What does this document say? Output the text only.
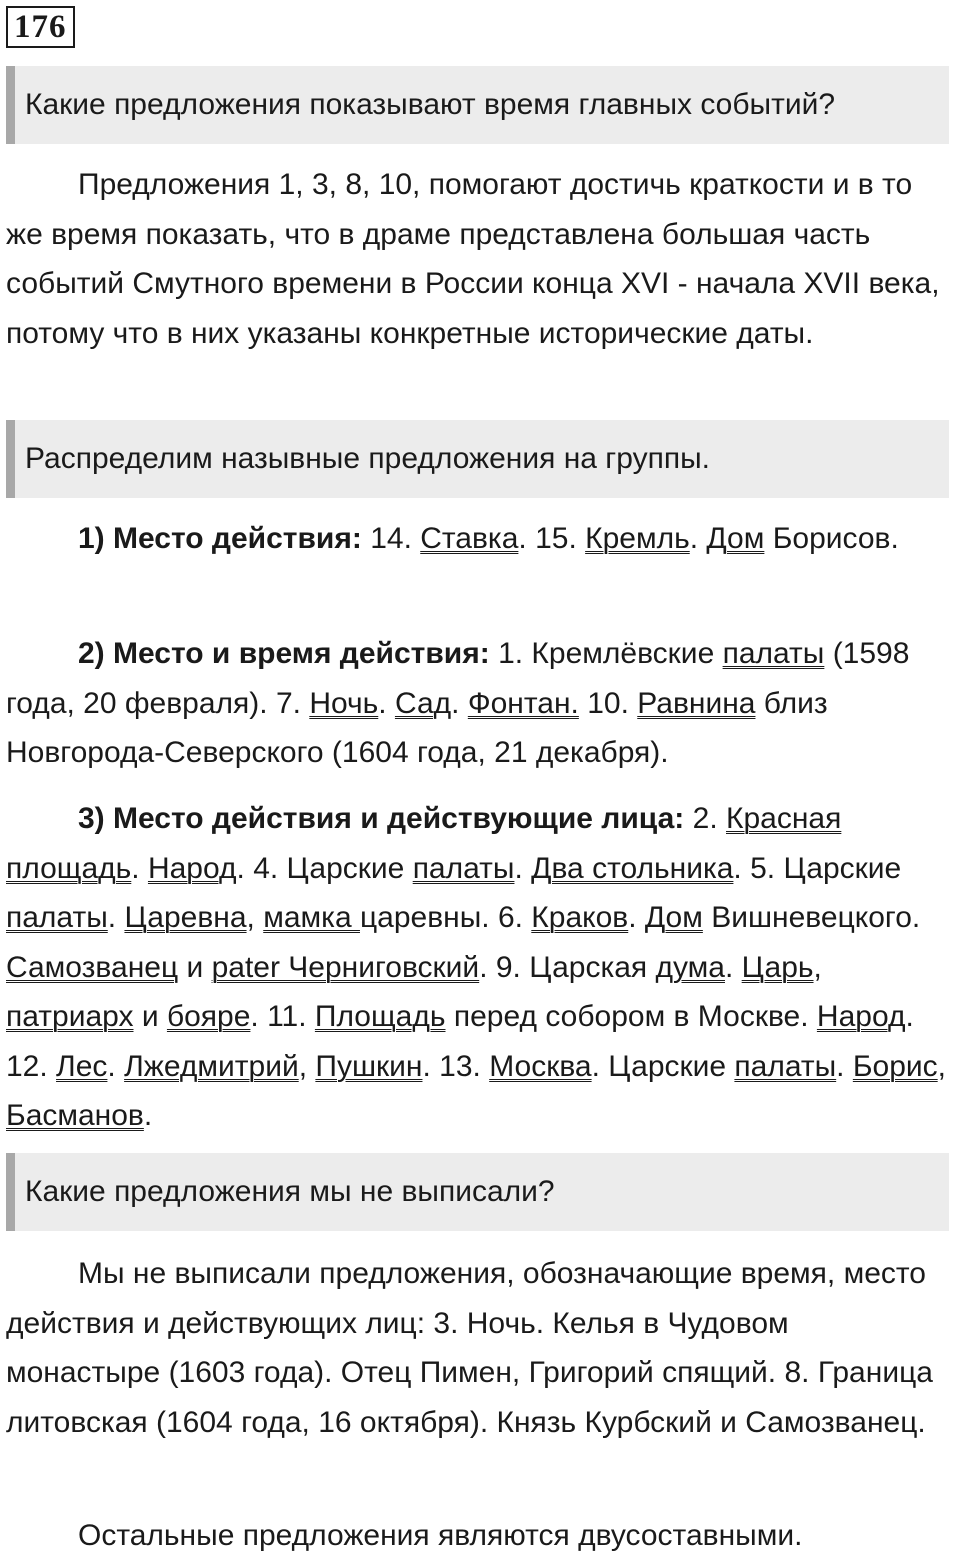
176
Какие предложения показывают время главных событий?

Предложения 1, 3, 8, 10, помогают достичь краткости и в то же время показать, что в драме представлена большая часть событий Смутного времени в России конца XVI - начала XVII века, потому что в них указаны конкретные исторические даты.

Распределим назывные предложения на группы.

1) Место действия: 14. Ставка. 15. Кремль. Дом Борисов.

2) Место и время действия: 1. Кремлёвские палаты (1598 года, 20 февраля). 7. Ночь. Сад. Фонтан. 10. Равнина близ Новгорода-Северского (1604 года, 21 декабря).

3) Место действия и действующие лица: 2. Красная площадь. Народ. 4. Царские палаты. Два стольника. 5. Царские палаты. Царевна, мамка царевны. 6. Краков. Дом Вишневецкого. Самозванец и pater Черниговский. 9. Царская дума. Царь, патриарх и бояре. 11. Площадь перед собором в Москве. Народ. 12. Лес. Лжедмитрий, Пушкин. 13. Москва. Царские палаты. Борис, Басманов.

Какие предложения мы не выписали?

Мы не выписали предложения, обозначающие время, место действия и действующих лиц: 3. Ночь. Келья в Чудовом монастыре (1603 года). Отец Пимен, Григорий спящий. 8. Граница литовская (1604 года, 16 октября). Князь Курбский и Самозванец.

Остальные предложения являются двусоставными.
